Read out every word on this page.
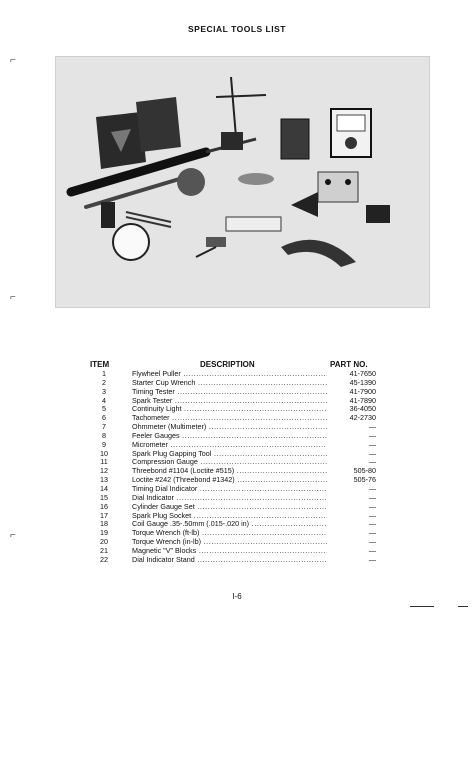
SPECIAL TOOLS LIST
ITEM	DESCRIPTION	PART NO.
1	Flywheel Puller .....	41-7650
2	Starter Cup Wrench .....	45-1390
3	Timing Tester .....	41-7900
4	Spark Tester .....	41-7890
5	Continuity Light .....	36-4050
6	Tachometer .....	42-2730
7	Ohmmeter (Multimeter) .....	—
8	Feeler Gauges .....	—
9	Micrometer .....	—
10	Spark Plug Gapping Tool .....	—
11	Compression Gauge .....	—
12	Threebond #1104 (Loctite #515) .....	505-80
13	Loctite #242 (Threebond #1342) .....	505-76
14	Timing Dial Indicator .....	—
15	Dial Indicator .....	—
16	Cylinder Gauge Set .....	—
17	Spark Plug Socket .....	—
18	Coil Gauge .35-.50mm (.015-.020 in) .....	—
19	Torque Wrench (ft-lb) .....	—
20	Torque Wrench (in-lb) .....	—
21	Magnetic "V" Blocks .....	—
22	Dial Indicator Stand .....	—
I-6
⌐
⌐
⌐
